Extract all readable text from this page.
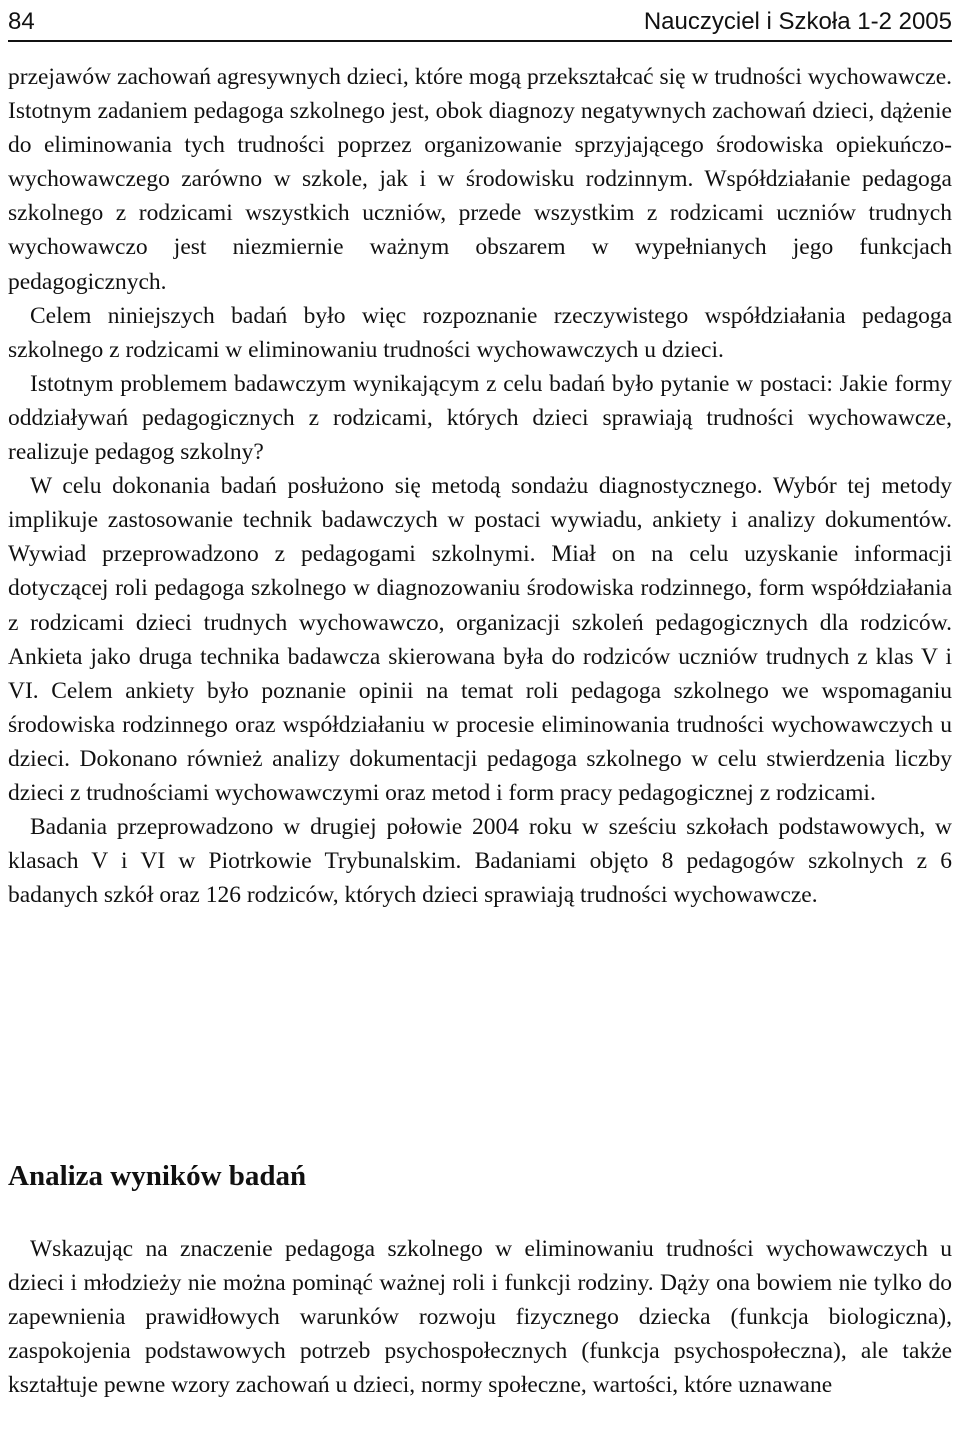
84	Nauczyciel i Szkoła 1-2 2005

przejawów zachowań agresywnych dzieci, które mogą przekształcać się w trudności wychowawcze. Istotnym zadaniem pedagoga szkolnego jest, obok diagnozy negatywnych zachowań dzieci, dążenie do eliminowania tych trudności poprzez organizowanie sprzyjającego środowiska opiekuńczo-wychowawczego zarówno w szkole, jak i w środowisku rodzinnym. Współdziałanie pedagoga szkolnego z rodzicami wszystkich uczniów, przede wszystkim z rodzicami uczniów trudnych wychowawczo jest niezmiernie ważnym obszarem w wypełnianych jego funkcjach pedagogicznych.

Celem niniejszych badań było więc rozpoznanie rzeczywistego współdziałania pedagoga szkolnego z rodzicami w eliminowaniu trudności wychowawczych u dzieci.

Istotnym problemem badawczym wynikającym z celu badań było pytanie w postaci: Jakie formy oddziaływań pedagogicznych z rodzicami, których dzieci sprawiają trudności wychowawcze, realizuje pedagog szkolny?

W celu dokonania badań posłużono się metodą sondażu diagnostycznego. Wybór tej metody implikuje zastosowanie technik badawczych w postaci wywiadu, ankiety i analizy dokumentów. Wywiad przeprowadzono z pedagogami szkolnymi. Miał on na celu uzyskanie informacji dotyczącej roli pedagoga szkolnego w diagnozowaniu środowiska rodzinnego, form współdziałania z rodzicami dzieci trudnych wychowawczo, organizacji szkoleń pedagogicznych dla rodziców. Ankieta jako druga technika badawcza skierowana była do rodziców uczniów trudnych z klas V i VI. Celem ankiety było poznanie opinii na temat roli pedagoga szkolnego we wspomaganiu środowiska rodzinnego oraz współdziałaniu w procesie eliminowania trudności wychowawczych u dzieci. Dokonano również analizy dokumentacji pedagoga szkolnego w celu stwierdzenia liczby dzieci z trudnościami wychowawczymi oraz metod i form pracy pedagogicznej z rodzicami.

Badania przeprowadzono w drugiej połowie 2004 roku w sześciu szkołach podstawowych, w klasach V i VI w Piotrkowie Trybunalskim. Badaniami objęto 8 pedagogów szkolnych z 6 badanych szkół oraz 126 rodziców, których dzieci sprawiają trudności wychowawcze.

Analiza wyników badań

Wskazując na znaczenie pedagoga szkolnego w eliminowaniu trudności wychowawczych u dzieci i młodzieży nie można pominąć ważnej roli i funkcji rodziny. Dąży ona bowiem nie tylko do zapewnienia prawidłowych warunków rozwoju fizycznego dziecka (funkcja biologiczna), zaspokojenia podstawowych potrzeb psychospołecznych (funkcja psychospołeczna), ale także kształtuje pewne wzory zachowań u dzieci, normy społeczne, wartości, które uznawane
